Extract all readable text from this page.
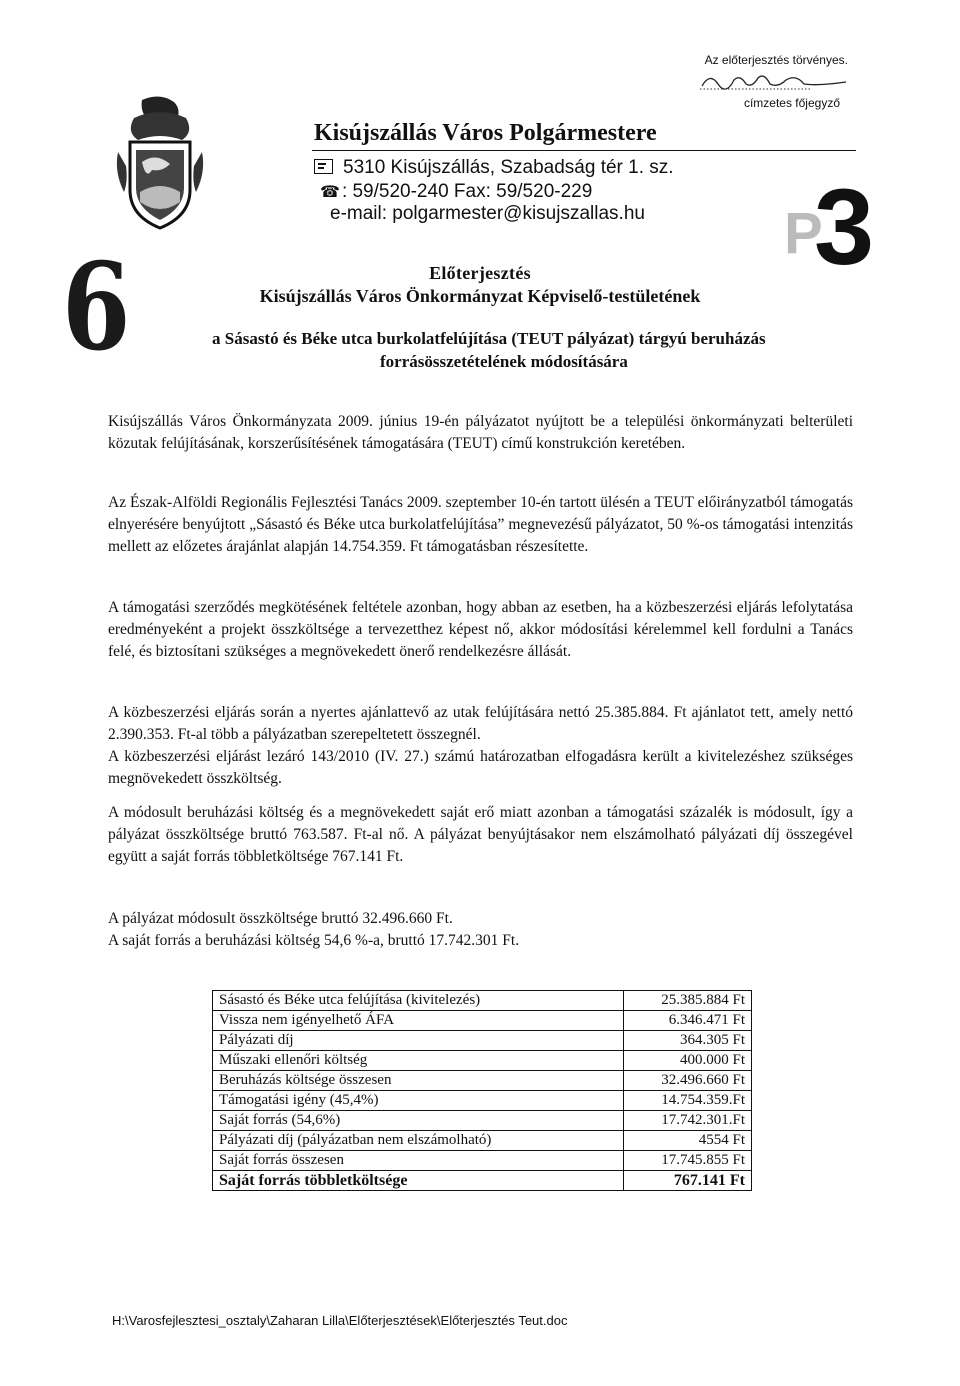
Az előterjesztés törvényes.
címzetes főjegyző
6
P
3
Kisújszállás Város Polgármestere
5310 Kisújszállás, Szabadság tér 1. sz.
☎ : 59/520-240 Fax: 59/520-229
e-mail: polgarmester@kisujszallas.hu
Előterjesztés
Kisújszállás Város Önkormányzat Képviselő-testületének
a Sásastó és Béke utca burkolatfelújítása (TEUT pályázat) tárgyú beruházás
forrásösszetételének módosítására
Kisújszállás Város Önkormányzata 2009. június 19-én pályázatot nyújtott be a települési önkormányzati belterületi közutak felújításának, korszerűsítésének támogatására (TEUT) című konstrukción keretében.
Az Észak-Alföldi Regionális Fejlesztési Tanács 2009. szeptember 10-én tartott ülésén a TEUT előirányzatból támogatás elnyerésére benyújtott „Sásastó és Béke utca burkolatfelújítása” megnevezésű pályázatot, 50 %-os támogatási intenzitás mellett az előzetes árajánlat alapján 14.754.359. Ft támogatásban részesítette.
A támogatási szerződés megkötésének feltétele azonban, hogy abban az esetben, ha a közbeszerzési eljárás lefolytatása eredményeként a projekt összköltsége a tervezetthez képest nő, akkor módosítási kérelemmel kell fordulni a Tanács felé, és biztosítani szükséges a megnövekedett önerő rendelkezésre állását.
A közbeszerzési eljárás során a nyertes ajánlattevő az utak felújítására nettó 25.385.884. Ft ajánlatot tett, amely nettó 2.390.353. Ft-al több a pályázatban szerepeltetett összegnél.
A közbeszerzési eljárást lezáró 143/2010 (IV. 27.) számú határozatban elfogadásra került a kivitelezéshez szükséges megnövekedett összköltség.
A módosult beruházási költség és a megnövekedett saját erő miatt azonban a támogatási százalék is módosult, így a pályázat összköltsége bruttó 763.587. Ft-al nő. A pályázat benyújtásakor nem elszámolható pályázati díj összegével együtt a saját forrás többletköltsége 767.141 Ft.
A pályázat módosult összköltsége bruttó 32.496.660 Ft.
A saját forrás a beruházási költség 54,6 %-a, bruttó 17.742.301 Ft.
Sásastó és Béke utca felújítása (kivitelezés)	25.385.884 Ft
Vissza nem igényelhető ÁFA	6.346.471 Ft
Pályázati díj	364.305 Ft
Műszaki ellenőri költség	400.000 Ft
Beruházás költsége összesen	32.496.660 Ft
Támogatási igény (45,4%)	14.754.359.Ft
Saját forrás (54,6%)	17.742.301.Ft
Pályázati díj (pályázatban nem elszámolható)	4554 Ft
Saját forrás összesen	17.745.855 Ft
Saját forrás többletköltsége	767.141 Ft
H:\Varosfejlesztesi_osztaly\Zaharan Lilla\Előterjesztések\Előterjesztés Teut.doc
